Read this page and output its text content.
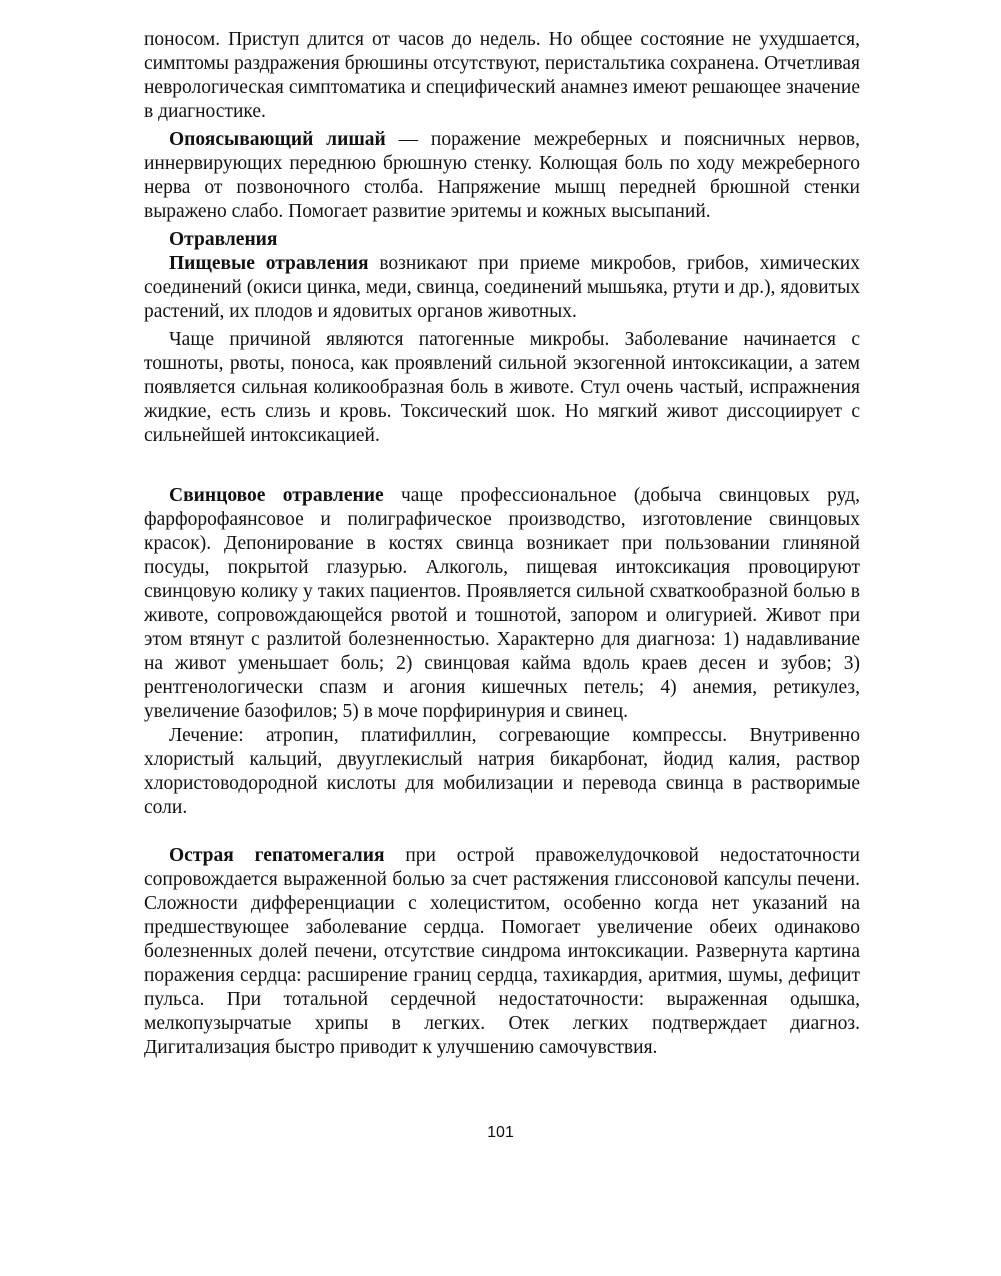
поносом. Приступ длится от часов до недель. Но общее состояние не ухудшается, симптомы раздражения брюшины отсутствуют, перистальтика сохранена. Отчетливая неврологическая симптоматика и специфический анамнез имеют решающее значение в диагностике.

Опоясывающий лишай — поражение межреберных и поясничных нервов, иннервирующих переднюю брюшную стенку. Колющая боль по ходу межреберного нерва от позвоночного столба. Напряжение мышц передней брюшной стенки выражено слабо. Помогает развитие эритемы и кожных высыпаний.

Отравления

Пищевые отравления возникают при приеме микробов, грибов, химических соединений (окиси цинка, меди, свинца, соединений мышьяка, ртути и др.), ядовитых растений, их плодов и ядовитых органов животных.

Чаще причиной являются патогенные микробы. Заболевание начинается с тошноты, рвоты, поноса, как проявлений сильной экзогенной интоксикации, а затем появляется сильная коликообразная боль в животе. Стул очень частый, испражнения жидкие, есть слизь и кровь. Токсический шок. Но мягкий живот диссоциирует с сильнейшей интоксикацией.

Свинцовое отравление чаще профессиональное (добыча свинцовых руд, фарфорофаянсовое и полиграфическое производство, изготовление свинцовых красок). Депонирование в костях свинца возникает при пользовании глиняной посуды, покрытой глазурью. Алкоголь, пищевая интоксикация провоцируют свинцовую колику у таких пациентов. Проявляется сильной схваткообразной болью в животе, сопровождающейся рвотой и тошнотой, запором и олигурией. Живот при этом втянут с разлитой болезненностью. Характерно для диагноза: 1) надавливание на живот уменьшает боль; 2) свинцовая кайма вдоль краев десен и зубов; 3) рентгенологически спазм и агония кишечных петель; 4) анемия, ретикулез, увеличение базофилов; 5) в моче порфиринурия и свинец.

Лечение: атропин, платифиллин, согревающие компрессы. Внутривенно хлористый кальций, двууглекислый натрия бикарбонат, йодид калия, раствор хлористоводородной кислоты для мобилизации и перевода свинца в растворимые соли.

Острая гепатомегалия при острой правожелудочковой недостаточности сопровождается выраженной болью за счет растяжения глиссоновой капсулы печени. Сложности дифференциации с холециститом, особенно когда нет указаний на предшествующее заболевание сердца. Помогает увеличение обеих одинаково болезненных долей печени, отсутствие синдрома интоксикации. Развернута картина поражения сердца: расширение границ сердца, тахикардия, аритмия, шумы, дефицит пульса. При тотальной сердечной недостаточности: выраженная одышка, мелкопузырчатые хрипы в легких. Отек легких подтверждает диагноз. Дигитализация быстро приводит к улучшению самочувствия.

101
